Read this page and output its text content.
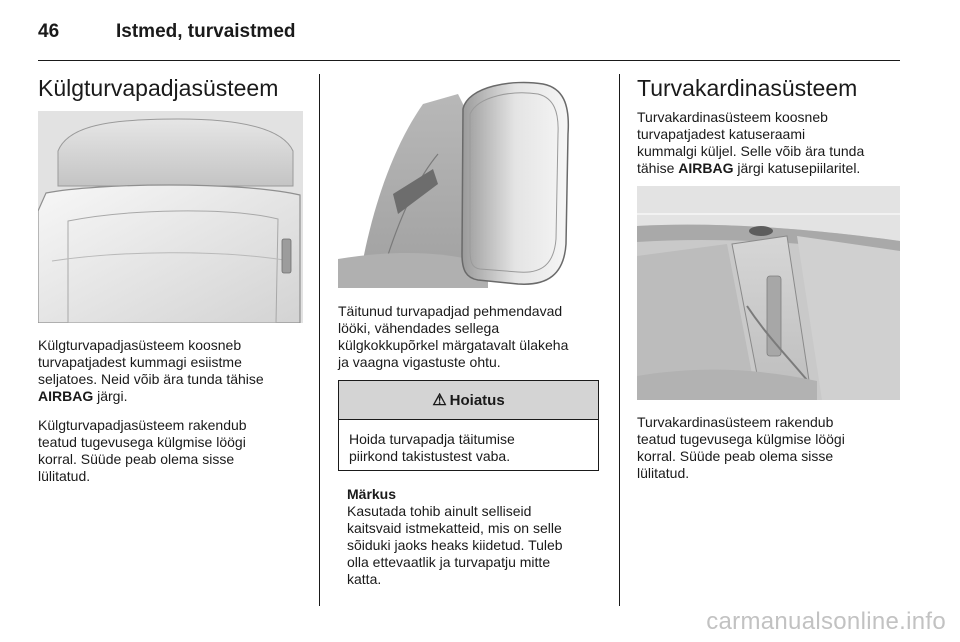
46	Istmed, turvaistmed
Külgturvapadjasüsteem

Külgturvapadjasüsteem koosneb
turvapatjadest kummagi esiistme
seljatoes. Neid võib ära tunda tähise
AIRBAG järgi.

Külgturvapadjasüsteem rakendub
teatud tugevusega külgmise löögi
korral. Süüde peab olema sisse
lülitatud.

Täitunud turvapadjad pehmendavad
lööki, vähendades sellega
külgkokkupõrkel märgatavalt ülakeha
ja vaagna vigastuste ohtu.

⚠ Hoiatus
Hoida turvapadja täitumise
piirkond takistustest vaba.
Märkus

Kasutada tohib ainult selliseid
kaitsvaid istmekatteid, mis on selle
sõiduki jaoks heaks kiidetud. Tuleb
olla ettevaatlik ja turvapatju mitte
katta.

Turvakardinasüsteem

Turvakardinasüsteem koosneb
turvapatjadest katuseraami
kummalgi küljel. Selle võib ära tunda
tähise AIRBAG järgi katusepiilaritel.

Turvakardinasüsteem rakendub
teatud tugevusega külgmise löögi
korral. Süüde peab olema sisse
lülitatud.

carmanualsonline.info
